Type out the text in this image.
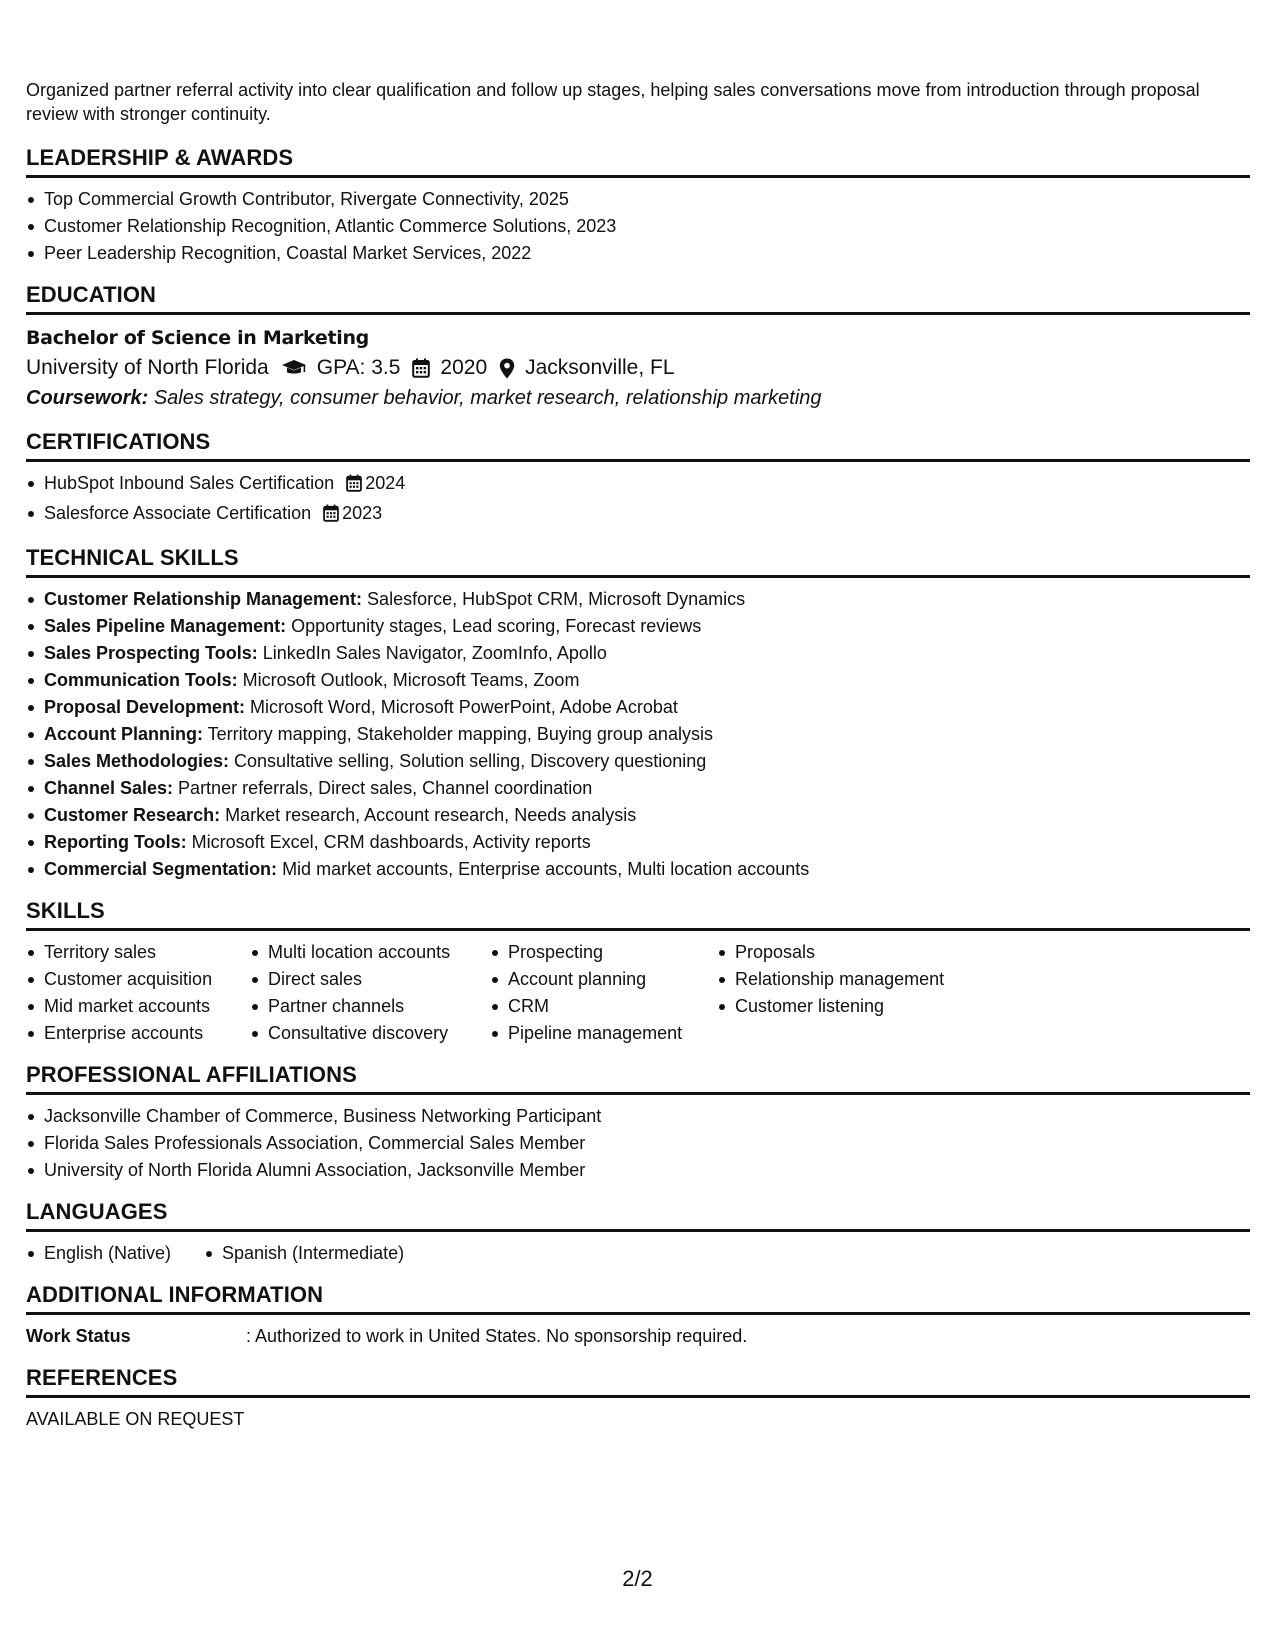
Organized partner referral activity into clear qualification and follow up stages, helping sales conversations move from introduction through proposal review with stronger continuity.

LEADERSHIP & AWARDS
Top Commercial Growth Contributor, Rivergate Connectivity, 2025
Customer Relationship Recognition, Atlantic Commerce Solutions, 2023
Peer Leadership Recognition, Coastal Market Services, 2022
EDUCATION
Bachelor of Science in Marketing
University of North Florida GPA: 3.5 2020 Jacksonville, FL
Coursework: Sales strategy, consumer behavior, market research, relationship marketing
CERTIFICATIONS
HubSpot Inbound Sales Certification 2024
Salesforce Associate Certification 2023
TECHNICAL SKILLS
Customer Relationship Management: Salesforce, HubSpot CRM, Microsoft Dynamics
Sales Pipeline Management: Opportunity stages, Lead scoring, Forecast reviews
Sales Prospecting Tools: LinkedIn Sales Navigator, ZoomInfo, Apollo
Communication Tools: Microsoft Outlook, Microsoft Teams, Zoom
Proposal Development: Microsoft Word, Microsoft PowerPoint, Adobe Acrobat
Account Planning: Territory mapping, Stakeholder mapping, Buying group analysis
Sales Methodologies: Consultative selling, Solution selling, Discovery questioning
Channel Sales: Partner referrals, Direct sales, Channel coordination
Customer Research: Market research, Account research, Needs analysis
Reporting Tools: Microsoft Excel, CRM dashboards, Activity reports
Commercial Segmentation: Mid market accounts, Enterprise accounts, Multi location accounts
SKILLS
Territory sales
Customer acquisition
Mid market accounts
Enterprise accounts
Multi location accounts
Direct sales
Partner channels
Consultative discovery
Prospecting
Account planning
CRM
Pipeline management
Proposals
Relationship management
Customer listening
PROFESSIONAL AFFILIATIONS
Jacksonville Chamber of Commerce, Business Networking Participant
Florida Sales Professionals Association, Commercial Sales Member
University of North Florida Alumni Association, Jacksonville Member
LANGUAGES
English (Native)	Spanish (Intermediate)
ADDITIONAL INFORMATION
Work Status	: Authorized to work in United States. No sponsorship required.
REFERENCES
AVAILABLE ON REQUEST
2/2
